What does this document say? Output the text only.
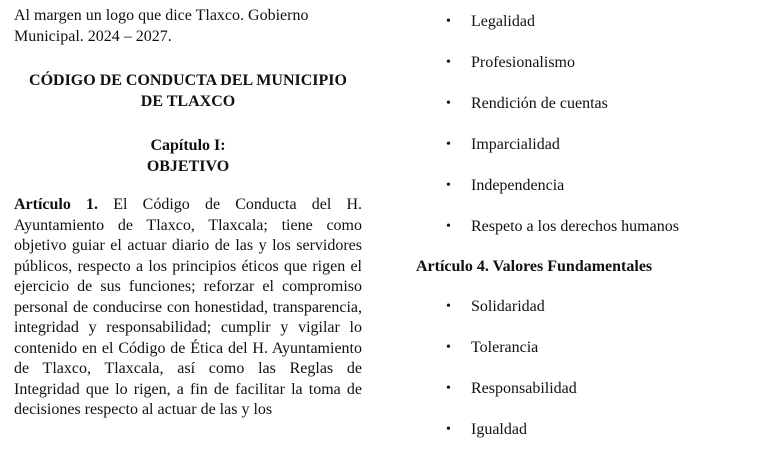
Al margen un logo que dice Tlaxco. Gobierno Municipal. 2024 – 2027.

CÓDIGO DE CONDUCTA DEL MUNICIPIO
DE TLAXCO

Capítulo I:
OBJETIVO

Artículo 1. El Código de Conducta del H. Ayuntamiento de Tlaxco, Tlaxcala; tiene como objetivo guiar el actuar diario de las y los servidores públicos, respecto a los principios éticos que rigen el ejercicio de sus funciones; reforzar el compromiso personal de conducirse con honestidad, transparencia, integridad y responsabilidad; cumplir y vigilar lo contenido en el Código de Ética del H. Ayuntamiento de Tlaxco, Tlaxcala, así como las Reglas de Integridad que lo rigen, a fin de facilitar la toma de decisiones respecto al actuar de las y los

• Legalidad
• Profesionalismo
• Rendición de cuentas
• Imparcialidad
• Independencia
• Respeto a los derechos humanos
Artículo 4. Valores Fundamentales
• Solidaridad
• Tolerancia
• Responsabilidad
• Igualdad
